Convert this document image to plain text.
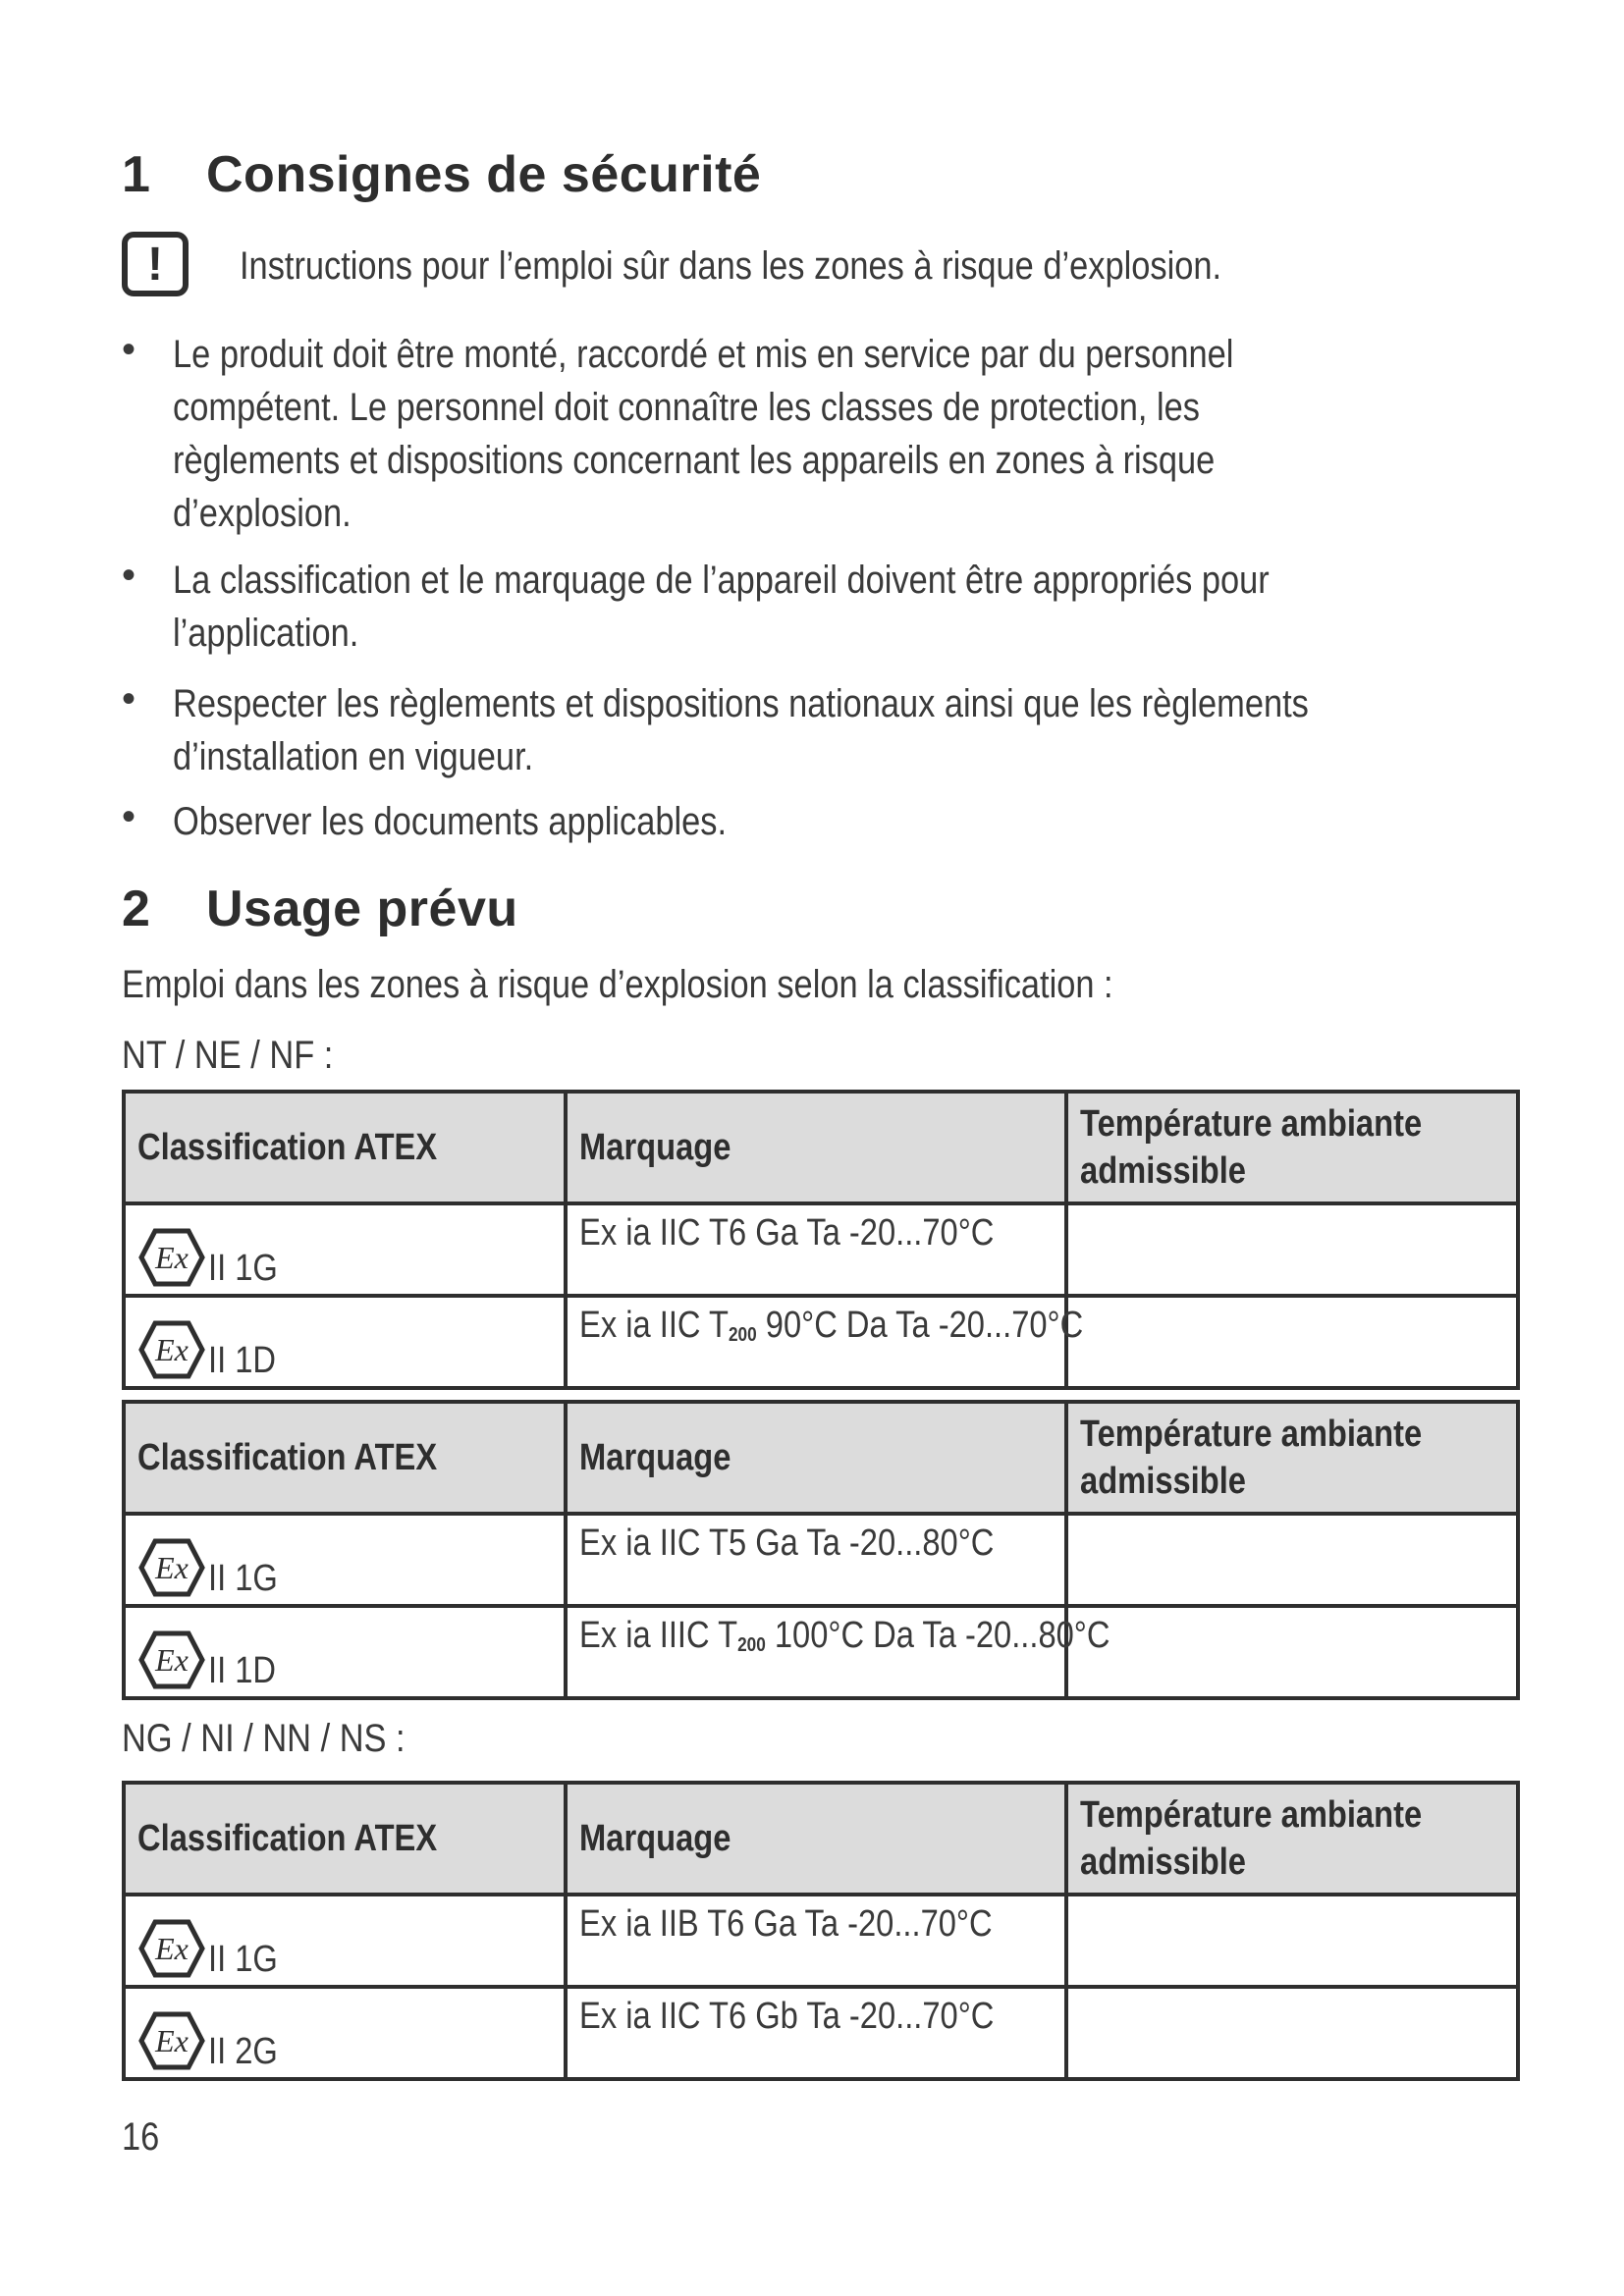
1 Consignes de sécurité
!	Instructions pour l’emploi sûr dans les zones à risque d’explosion.
• Le produit doit être monté, raccordé et mis en service par du personnel
compétent. Le personnel doit connaître les classes de protection, les
règlements et dispositions concernant les appareils en zones à risque
d’explosion.
• La classification et le marquage de l’appareil doivent être appropriés pour
l’application.
• Respecter les règlements et dispositions nationaux ainsi que les règlements
d’installation en vigueur.
• Observer les documents applicables.
2 Usage prévu
Emploi dans les zones à risque d’explosion selon la classification :
NT / NE / NF :
Classification ATEX	Marquage	Température ambiante
admissible

Ex II 1G	Ex ia IIC T6 Ga Ta -20...70°C	

Ex II 1D	Ex ia IIC $T_{200}$ 90°C Da Ta -20...70°C	
Classification ATEX	Marquage	Température ambiante
admissible

Ex II 1G	Ex ia IIC T5 Ga Ta -20...80°C	

Ex II 1D	Ex ia IIIC $T_{200}$ 100°C Da Ta -20...80°C	
NG / NI / NN / NS :
Classification ATEX	Marquage	Température ambiante
admissible

Ex II 1G	Ex ia IIB T6 Ga Ta -20...70°C	

Ex II 2G	Ex ia IIC T6 Gb Ta -20...70°C	
16
